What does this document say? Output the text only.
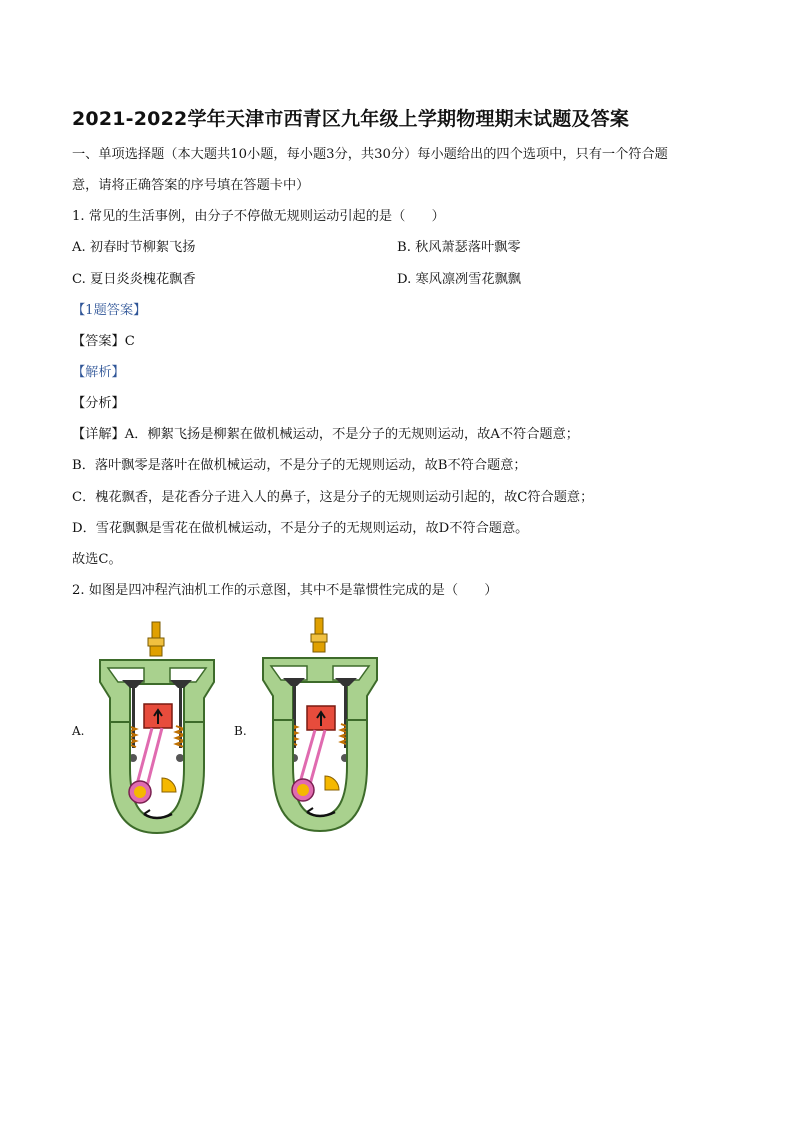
2021-2022学年天津市西青区九年级上学期物理期末试题及答案
一、单项选择题（本大题共10小题，每小题3分，共30分）每小题给出的四个选项中，只有一个符合题
意，请将正确答案的序号填在答题卡中）
1. 常见的生活事例，由分子不停做无规则运动引起的是（　　）
A. 初春时节柳絮飞扬	B. 秋风萧瑟落叶飘零
C. 夏日炎炎槐花飘香	D. 寒风凛冽雪花飘飘
【1题答案】
【答案】C
【解析】
【分析】
【详解】A．柳絮飞扬是柳絮在做机械运动，不是分子的无规则运动，故A不符合题意；
B．落叶飘零是落叶在做机械运动，不是分子的无规则运动，故B不符合题意；
C．槐花飘香，是花香分子进入人的鼻子，这是分子的无规则运动引起的，故C符合题意；
D．雪花飘飘是雪花在做机械运动，不是分子的无规则运动，故D不符合题意。
故选C。
2. 如图是四冲程汽油机工作的示意图，其中不是靠惯性完成的是（　　）
A.	B.
